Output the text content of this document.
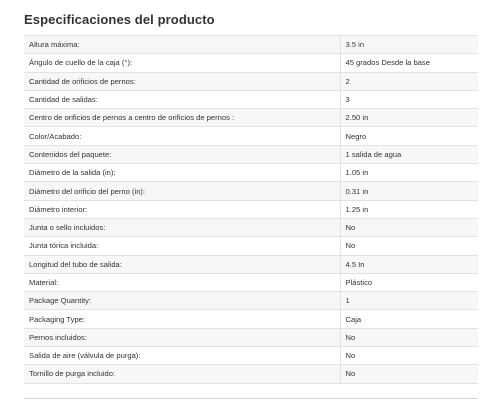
Especificaciones del producto
Altura máxima:	3.5 in
Ángulo de cuello de la caja (°):	45 grados Desde la base
Cantidad de orificios de pernos:	2
Cantidad de salidas:	3
Centro de orificios de pernos a centro de orificios de pernos :	2.50 in
Color/Acabado:	Negro
Contenidos del paquete:	1 salida de agua
Diámetro de la salida (in):	1.05 in
Diámetro del orificio del perno (in):	0.31 in
Diámetro interior:	1.25 in
Junta o sello incluidos:	No
Junta tórica incluida:	No
Longitud del tubo de salida:	4.5 In
Material:	Plástico
Package Quantity:	1
Packaging Type:	Caja
Pernos incluidos:	No
Salida de aire (válvula de purga):	No
Tornillo de purga incluido:	No
